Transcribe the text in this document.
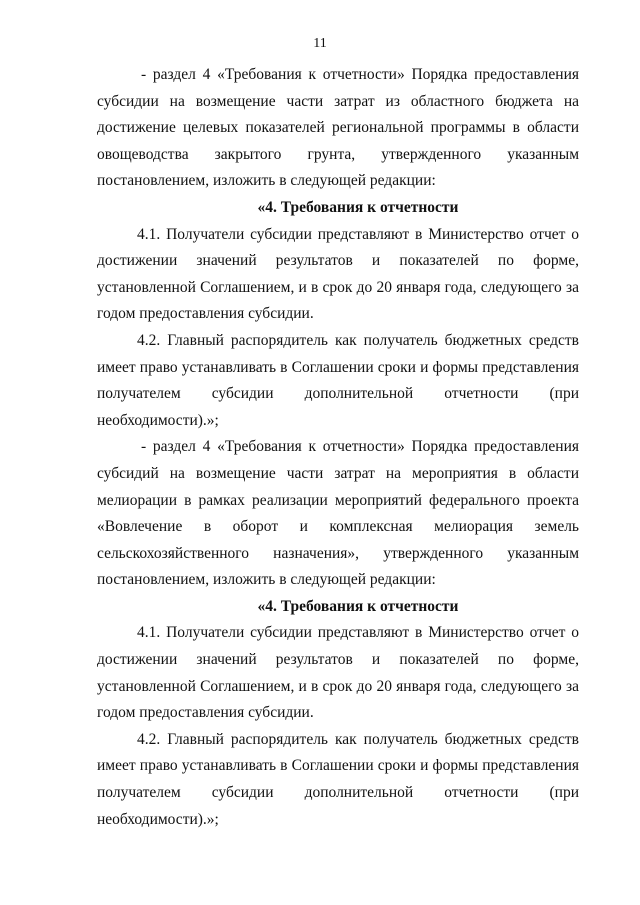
11

- раздел 4 «Требования к отчетности» Порядка предоставления субсидии на возмещение части затрат из областного бюджета на достижение целевых показателей региональной программы в области овощеводства закрытого грунта, утвержденного указанным постановлением, изложить в следующей редакции:

«4. Требования к отчетности

4.1. Получатели субсидии представляют в Министерство отчет о достижении значений результатов и показателей по форме, установленной Соглашением, и в срок до 20 января года, следующего за годом предоставления субсидии.

4.2. Главный распорядитель как получатель бюджетных средств имеет право устанавливать в Соглашении сроки и формы представления получателем субсидии дополнительной отчетности (при необходимости).»;

- раздел 4 «Требования к отчетности» Порядка предоставления субсидий на возмещение части затрат на мероприятия в области мелиорации в рамках реализации мероприятий федерального проекта «Вовлечение в оборот и комплексная мелиорация земель сельскохозяйственного назначения», утвержденного указанным постановлением, изложить в следующей редакции:

«4. Требования к отчетности

4.1. Получатели субсидии представляют в Министерство отчет о достижении значений результатов и показателей по форме, установленной Соглашением, и в срок до 20 января года, следующего за годом предоставления субсидии.

4.2. Главный распорядитель как получатель бюджетных средств имеет право устанавливать в Соглашении сроки и формы представления получателем субсидии дополнительной отчетности (при необходимости).»;
